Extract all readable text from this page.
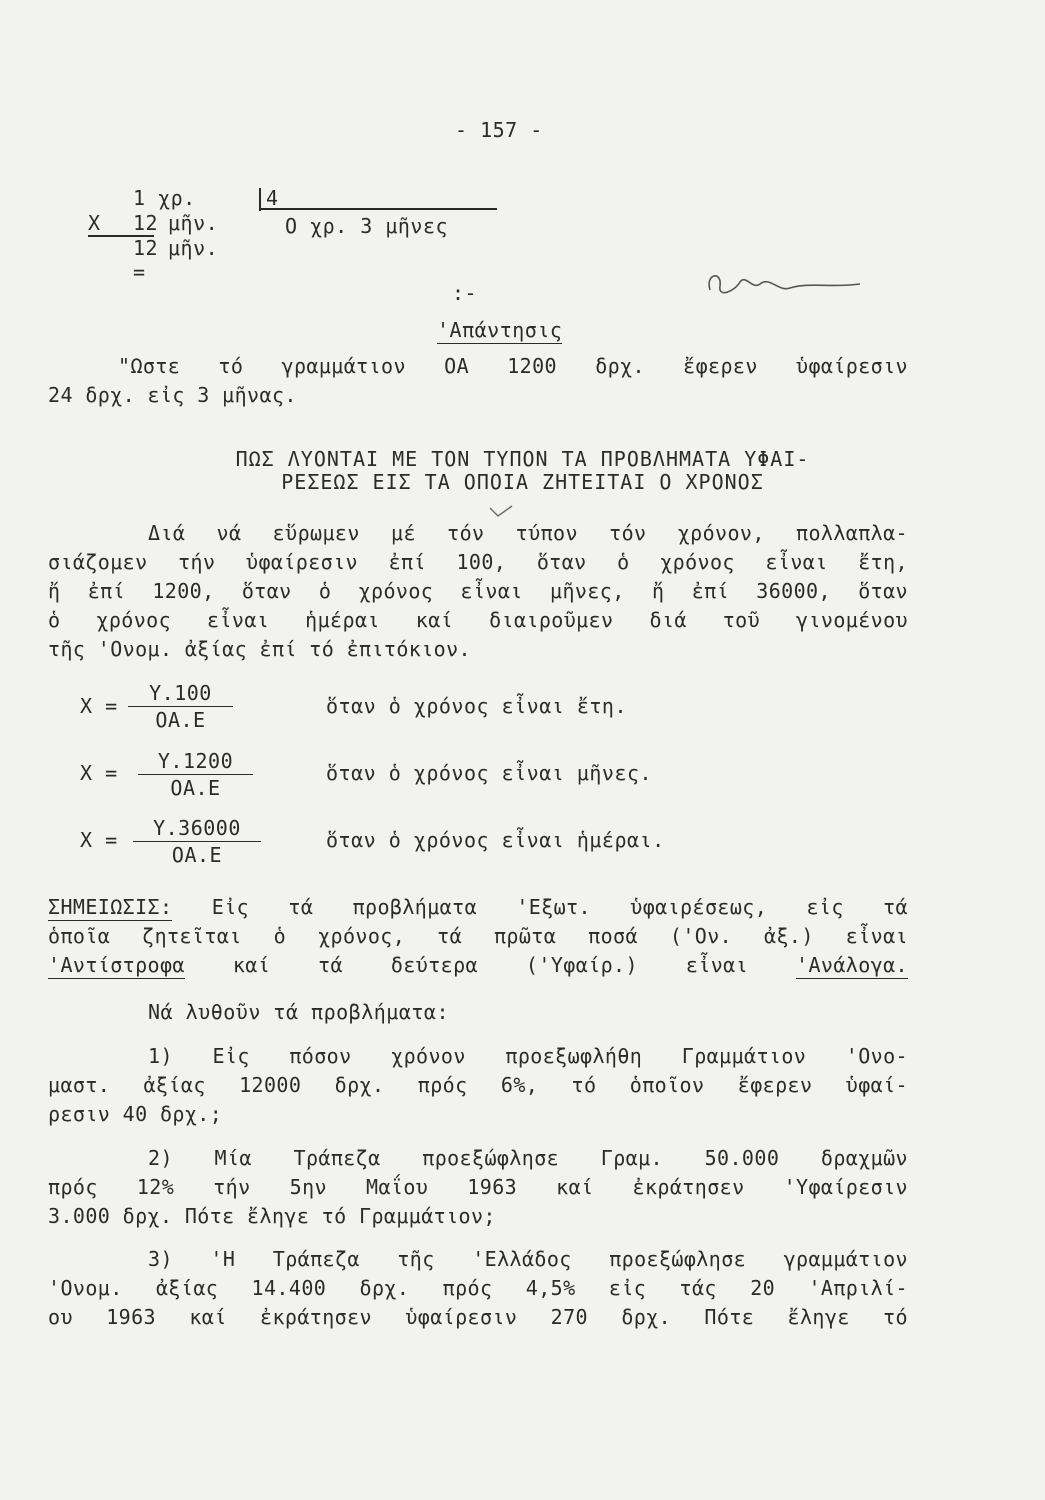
- 157 -
1 χρ.
X 12 μῆν.
12 μῆν.
=
:-
4
Ο χρ. 3 μῆνες
'Απάντησις
"Ωστε τό γραμμάτιον ΟΑ 1200 δρχ. ἔφερεν ὑφαίρεσιν
24 δρχ. εἰς 3 μῆνας.
ΠΩΣ ΛΥΟΝΤΑΙ ΜΕ ΤΟΝ ΤΥΠΟΝ ΤΑ ΠΡΟΒΛΗΜΑΤΑ ΥΦΑΙ-
ΡΕΣΕΩΣ ΕΙΣ ΤΑ ΟΠΟΙΑ ΖΗΤΕΙΤΑΙ Ο ΧΡΟΝΟΣ
Διά νά εὕρωμεν μέ τόν τύπον τόν χρόνον, πολλαπλα-
σιάζομεν τήν ὑφαίρεσιν ἐπί 100, ὅταν ὁ χρόνος εἶναι ἔτη,
ἤ ἐπί 1200, ὅταν ὁ χρόνος εἶναι μῆνες, ἤ ἐπί 36000, ὅταν
ὁ χρόνος εἶναι ἡμέραι καί διαιροῦμεν διά τοῦ γινομένου
τῆς 'Ονομ. ἀξίας ἐπί τό ἐπιτόκιον.
$X = \frac{Y.100}{OA.E}$	ὅταν ὁ χρόνος εἶναι ἔτη.
$X = \frac{Y.1200}{OA.E}$	ὅταν ὁ χρόνος εἶναι μῆνες.
$X = \frac{Y.36000}{OA.E}$	ὅταν ὁ χρόνος εἶναι ἡμέραι.
ΣΗΜΕΙΩΣΙΣ: Εἰς τά προβλήματα 'Εξωτ. ὑφαιρέσεως, εἰς τά
ὁποῖα ζητεῖται ὁ χρόνος, τά πρῶτα ποσά ('Ον. ἀξ.) εἶναι
'Αντίστροφα καί τά δεύτερα ('Υφαίρ.) εἶναι 'Ανάλογα.
Νά λυθοῦν τά προβλήματα:
1) Εἰς πόσον χρόνον προεξωφλήθη Γραμμάτιον 'Ονο-
μαστ. ἀξίας 12000 δρχ. πρός 6%, τό ὁποῖον ἔφερεν ὑφαί-
ρεσιν 40 δρχ.;
2) Μία Τράπεζα προεξώφλησε Γραμ. 50.000 δραχμῶν
πρός 12% τήν 5ην Μαΐου 1963 καί ἐκράτησεν 'Υφαίρεσιν
3.000 δρχ. Πότε ἔληγε τό Γραμμάτιον;
3) 'Η Τράπεζα τῆς 'Ελλάδος προεξώφλησε γραμμάτιον
'Ονομ. ἀξίας 14.400 δρχ. πρός 4,5% εἰς τάς 20 'Απριλί-
ου 1963 καί ἐκράτησεν ὑφαίρεσιν 270 δρχ. Πότε ἔληγε τό
